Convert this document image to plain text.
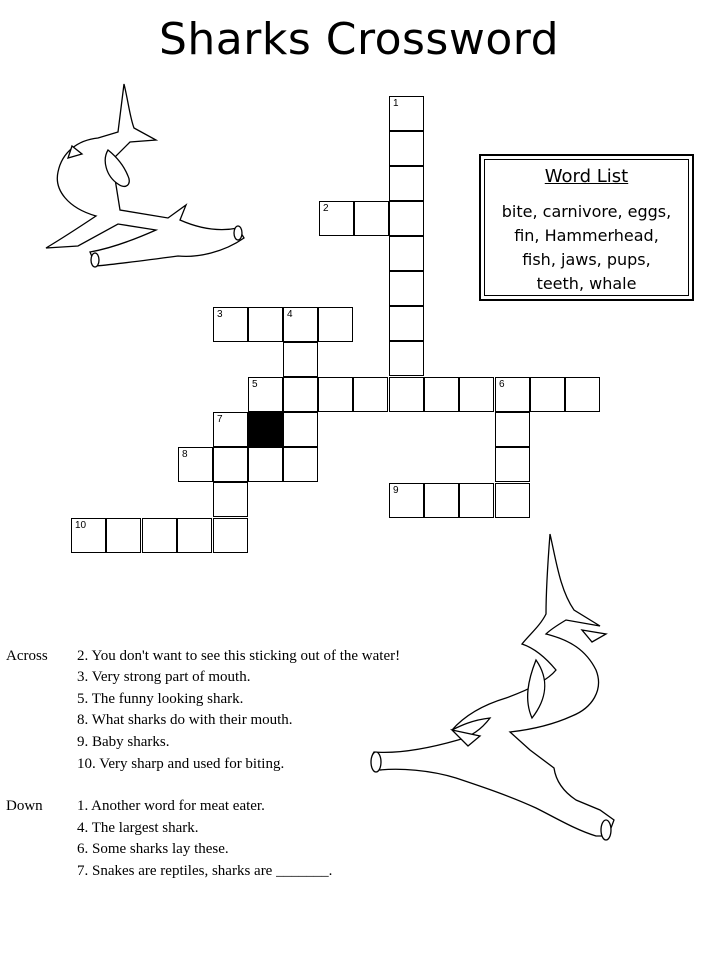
Sharks Crossword
1
2
3	4
5	6
7
8
9
10
Word List
bite, carnivore, eggs,
fin, Hammerhead,
fish, jaws, pups,
teeth, whale
Across 2. You don't want to see this sticking out of the water!
3. Very strong part of mouth.
5. The funny looking shark.
8. What sharks do with their mouth.
9. Baby sharks.
10. Very sharp and used for biting.
Down 1. Another word for meat eater.
4. The largest shark.
6. Some sharks lay these.
7. Snakes are reptiles, sharks are _______.
